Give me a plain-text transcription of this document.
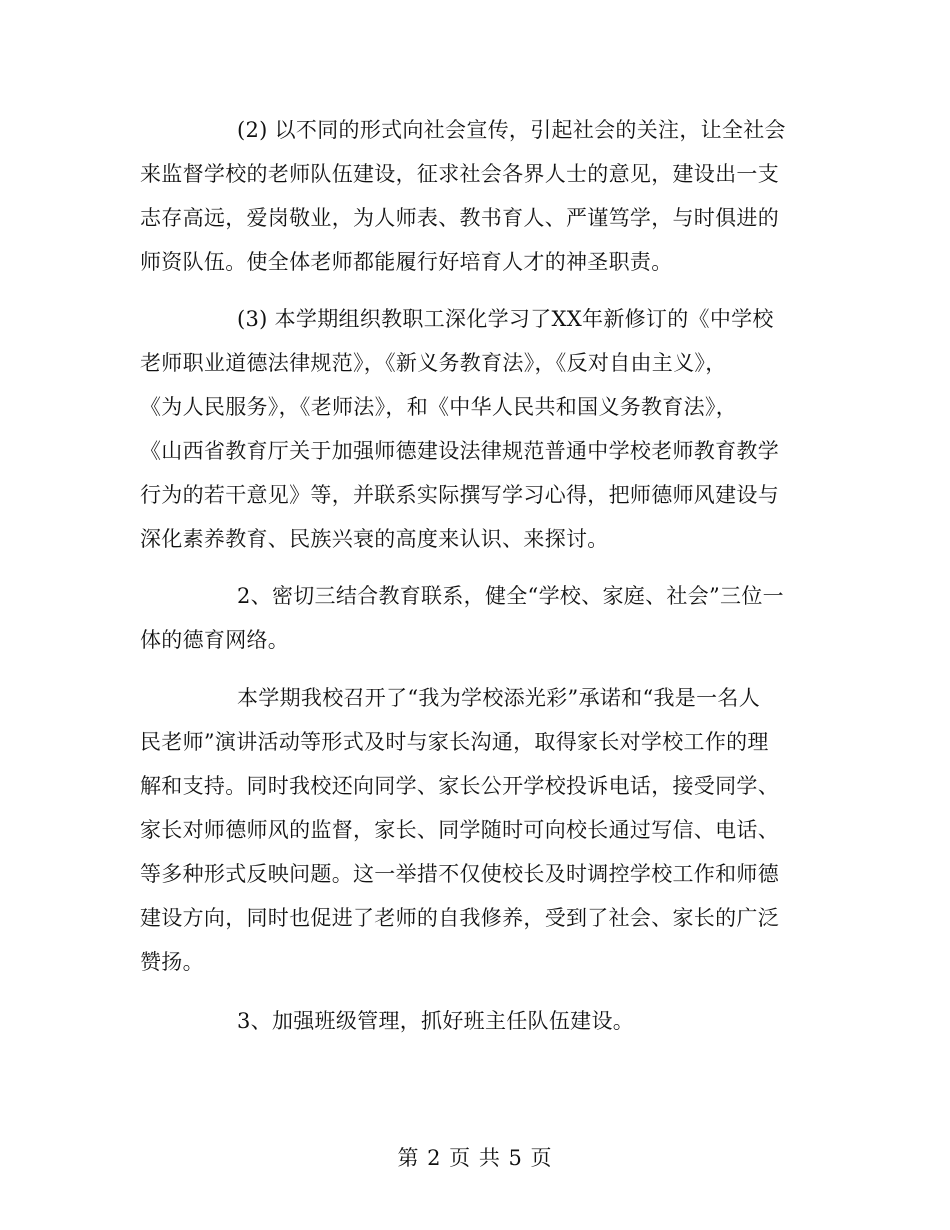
(2) 以不同的形式向社会宣传，引起社会的关注，让全社会
来监督学校的老师队伍建设，征求社会各界人士的意见，建设出一支
志存高远，爱岗敬业，为人师表、教书育人、严谨笃学，与时俱进的
师资队伍。使全体老师都能履行好培育人才的神圣职责。
(3) 本学期组织教职工深化学习了XX年新修订的《中学校
老师职业道德法律规范》，《新义务教育法》，《反对自由主义》，
《为人民服务》，《老师法》，和《中华人民共和国义务教育法》，
《山西省教育厅关于加强师德建设法律规范普通中学校老师教育教学
行为的若干意见》等，并联系实际撰写学习心得，把师德师风建设与
深化素养教育、民族兴衰的高度来认识、来探讨。
2、密切三结合教育联系，健全“学校、家庭、社会”三位一
体的德育网络。
本学期我校召开了“我为学校添光彩”承诺和“我是一名人
民老师”演讲活动等形式及时与家长沟通，取得家长对学校工作的理
解和支持。同时我校还向同学、家长公开学校投诉电话，接受同学、
家长对师德师风的监督，家长、同学随时可向校长通过写信、电话、
等多种形式反映问题。这一举措不仅使校长及时调控学校工作和师德
建设方向，同时也促进了老师的自我修养，受到了社会、家长的广泛
赞扬。
3、加强班级管理，抓好班主任队伍建设。
第 2 页 共 5 页
